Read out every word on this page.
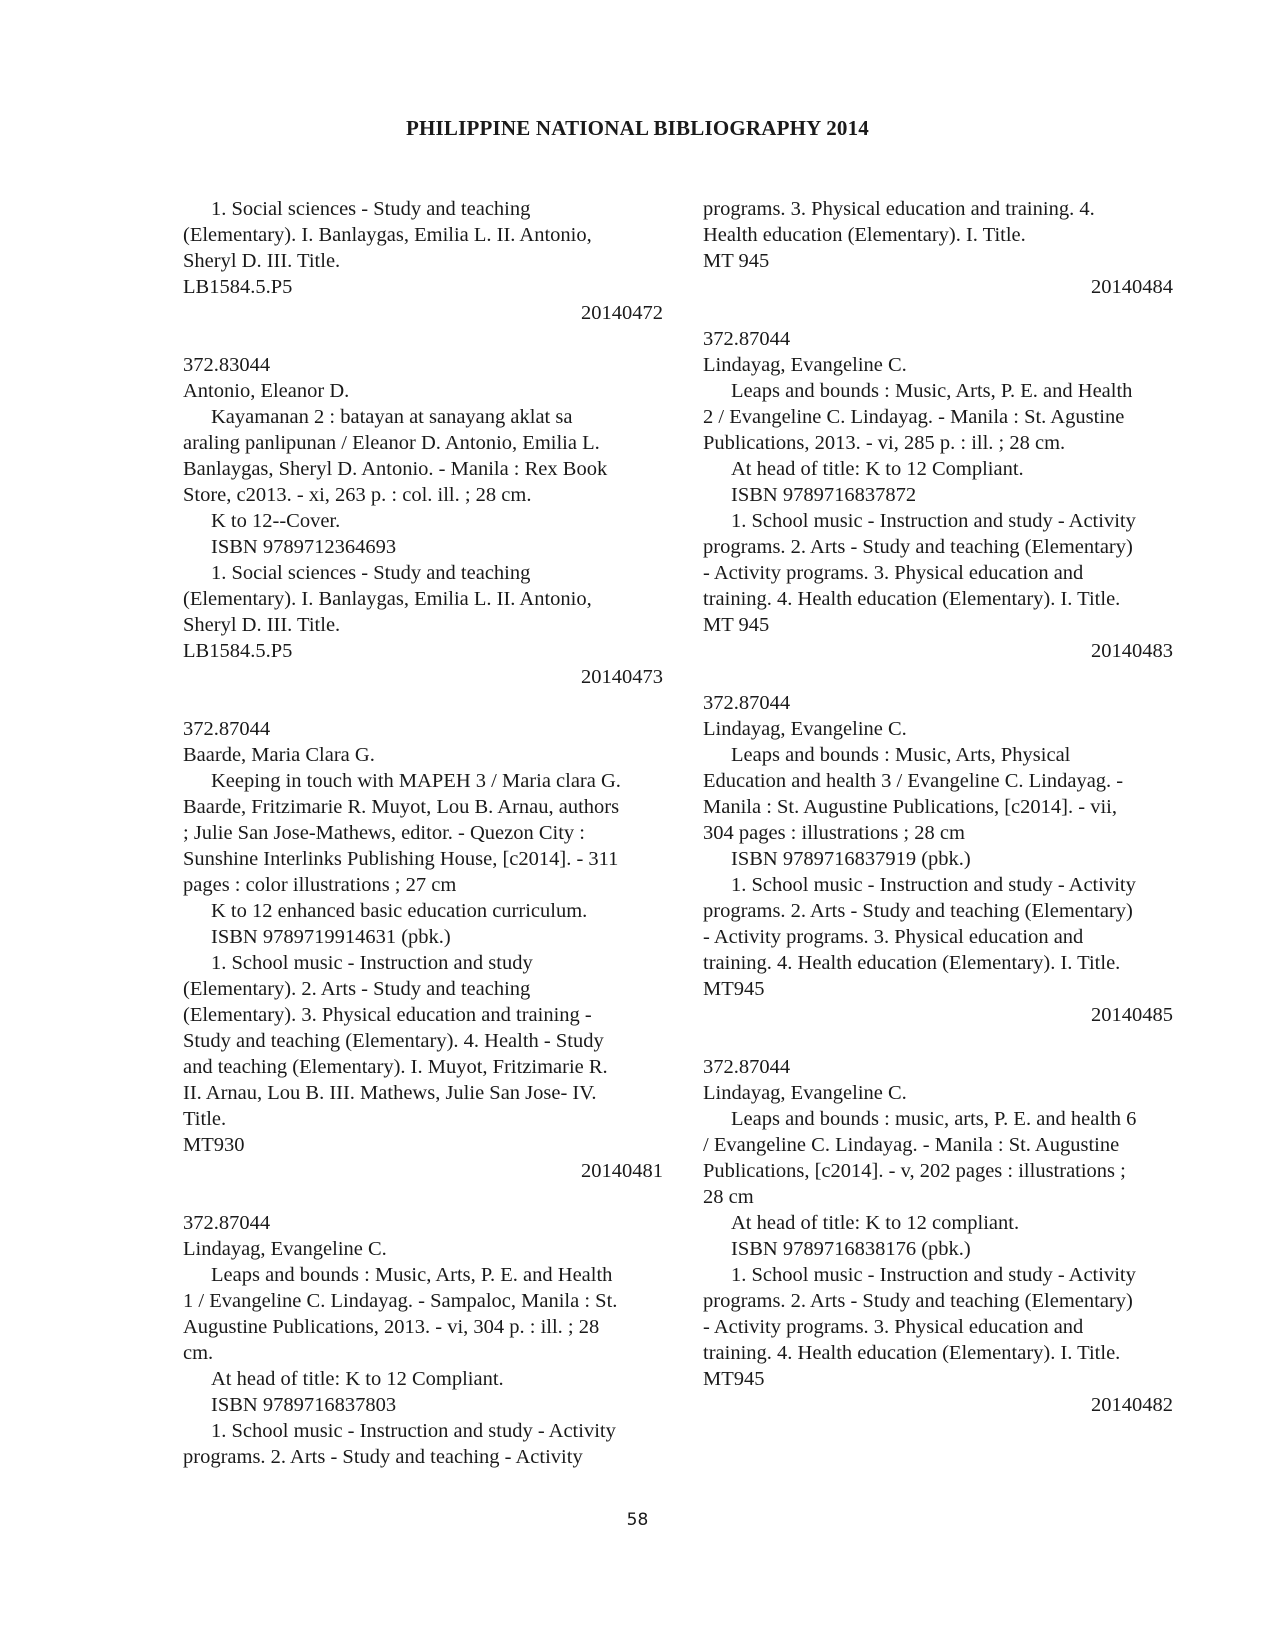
PHILIPPINE NATIONAL BIBLIOGRAPHY 2014
1. Social sciences - Study and teaching
(Elementary). I. Banlaygas, Emilia L. II. Antonio,
Sheryl D. III. Title.
LB1584.5.P5
20140472
372.83044
Antonio, Eleanor D.
Kayamanan 2 : batayan at sanayang aklat sa
araling panlipunan / Eleanor D. Antonio, Emilia L.
Banlaygas, Sheryl D. Antonio. - Manila : Rex Book
Store, c2013. - xi, 263 p. : col. ill. ; 28 cm.
K to 12--Cover.
ISBN 9789712364693
1. Social sciences - Study and teaching
(Elementary). I. Banlaygas, Emilia L. II. Antonio,
Sheryl D. III. Title.
LB1584.5.P5
20140473
372.87044
Baarde, Maria Clara G.
Keeping in touch with MAPEH 3 / Maria clara G.
Baarde, Fritzimarie R. Muyot, Lou B. Arnau, authors
; Julie San Jose-Mathews, editor. - Quezon City :
Sunshine Interlinks Publishing House, [c2014]. - 311
pages : color illustrations ; 27 cm
K to 12 enhanced basic education curriculum.
ISBN 9789719914631 (pbk.)
1. School music - Instruction and study
(Elementary). 2. Arts - Study and teaching
(Elementary). 3. Physical education and training -
Study and teaching (Elementary). 4. Health - Study
and teaching (Elementary). I. Muyot, Fritzimarie R.
II. Arnau, Lou B. III. Mathews, Julie San Jose- IV.
Title.
MT930
20140481
372.87044
Lindayag, Evangeline C.
Leaps and bounds : Music, Arts, P. E. and Health
1 / Evangeline C. Lindayag. - Sampaloc, Manila : St.
Augustine Publications, 2013. - vi, 304 p. : ill. ; 28
cm.
At head of title: K to 12 Compliant.
ISBN 9789716837803
1. School music - Instruction and study - Activity
programs. 2. Arts - Study and teaching - Activity
programs. 3. Physical education and training. 4.
Health education (Elementary). I. Title.
MT 945
20140484
372.87044
Lindayag, Evangeline C.
Leaps and bounds : Music, Arts, P. E. and Health
2 / Evangeline C. Lindayag. - Manila : St. Agustine
Publications, 2013. - vi, 285 p. : ill. ; 28 cm.
At head of title: K to 12 Compliant.
ISBN 9789716837872
1. School music - Instruction and study - Activity
programs. 2. Arts - Study and teaching (Elementary)
- Activity programs. 3. Physical education and
training. 4. Health education (Elementary). I. Title.
MT 945
20140483
372.87044
Lindayag, Evangeline C.
Leaps and bounds : Music, Arts, Physical
Education and health 3 / Evangeline C. Lindayag. -
Manila : St. Augustine Publications, [c2014]. - vii,
304 pages : illustrations ; 28 cm
ISBN 9789716837919 (pbk.)
1. School music - Instruction and study - Activity
programs. 2. Arts - Study and teaching (Elementary)
- Activity programs. 3. Physical education and
training. 4. Health education (Elementary). I. Title.
MT945
20140485
372.87044
Lindayag, Evangeline C.
Leaps and bounds : music, arts, P. E. and health 6
/ Evangeline C. Lindayag. - Manila : St. Augustine
Publications, [c2014]. - v, 202 pages : illustrations ;
28 cm
At head of title: K to 12 compliant.
ISBN 9789716838176 (pbk.)
1. School music - Instruction and study - Activity
programs. 2. Arts - Study and teaching (Elementary)
- Activity programs. 3. Physical education and
training. 4. Health education (Elementary). I. Title.
MT945
20140482
58
